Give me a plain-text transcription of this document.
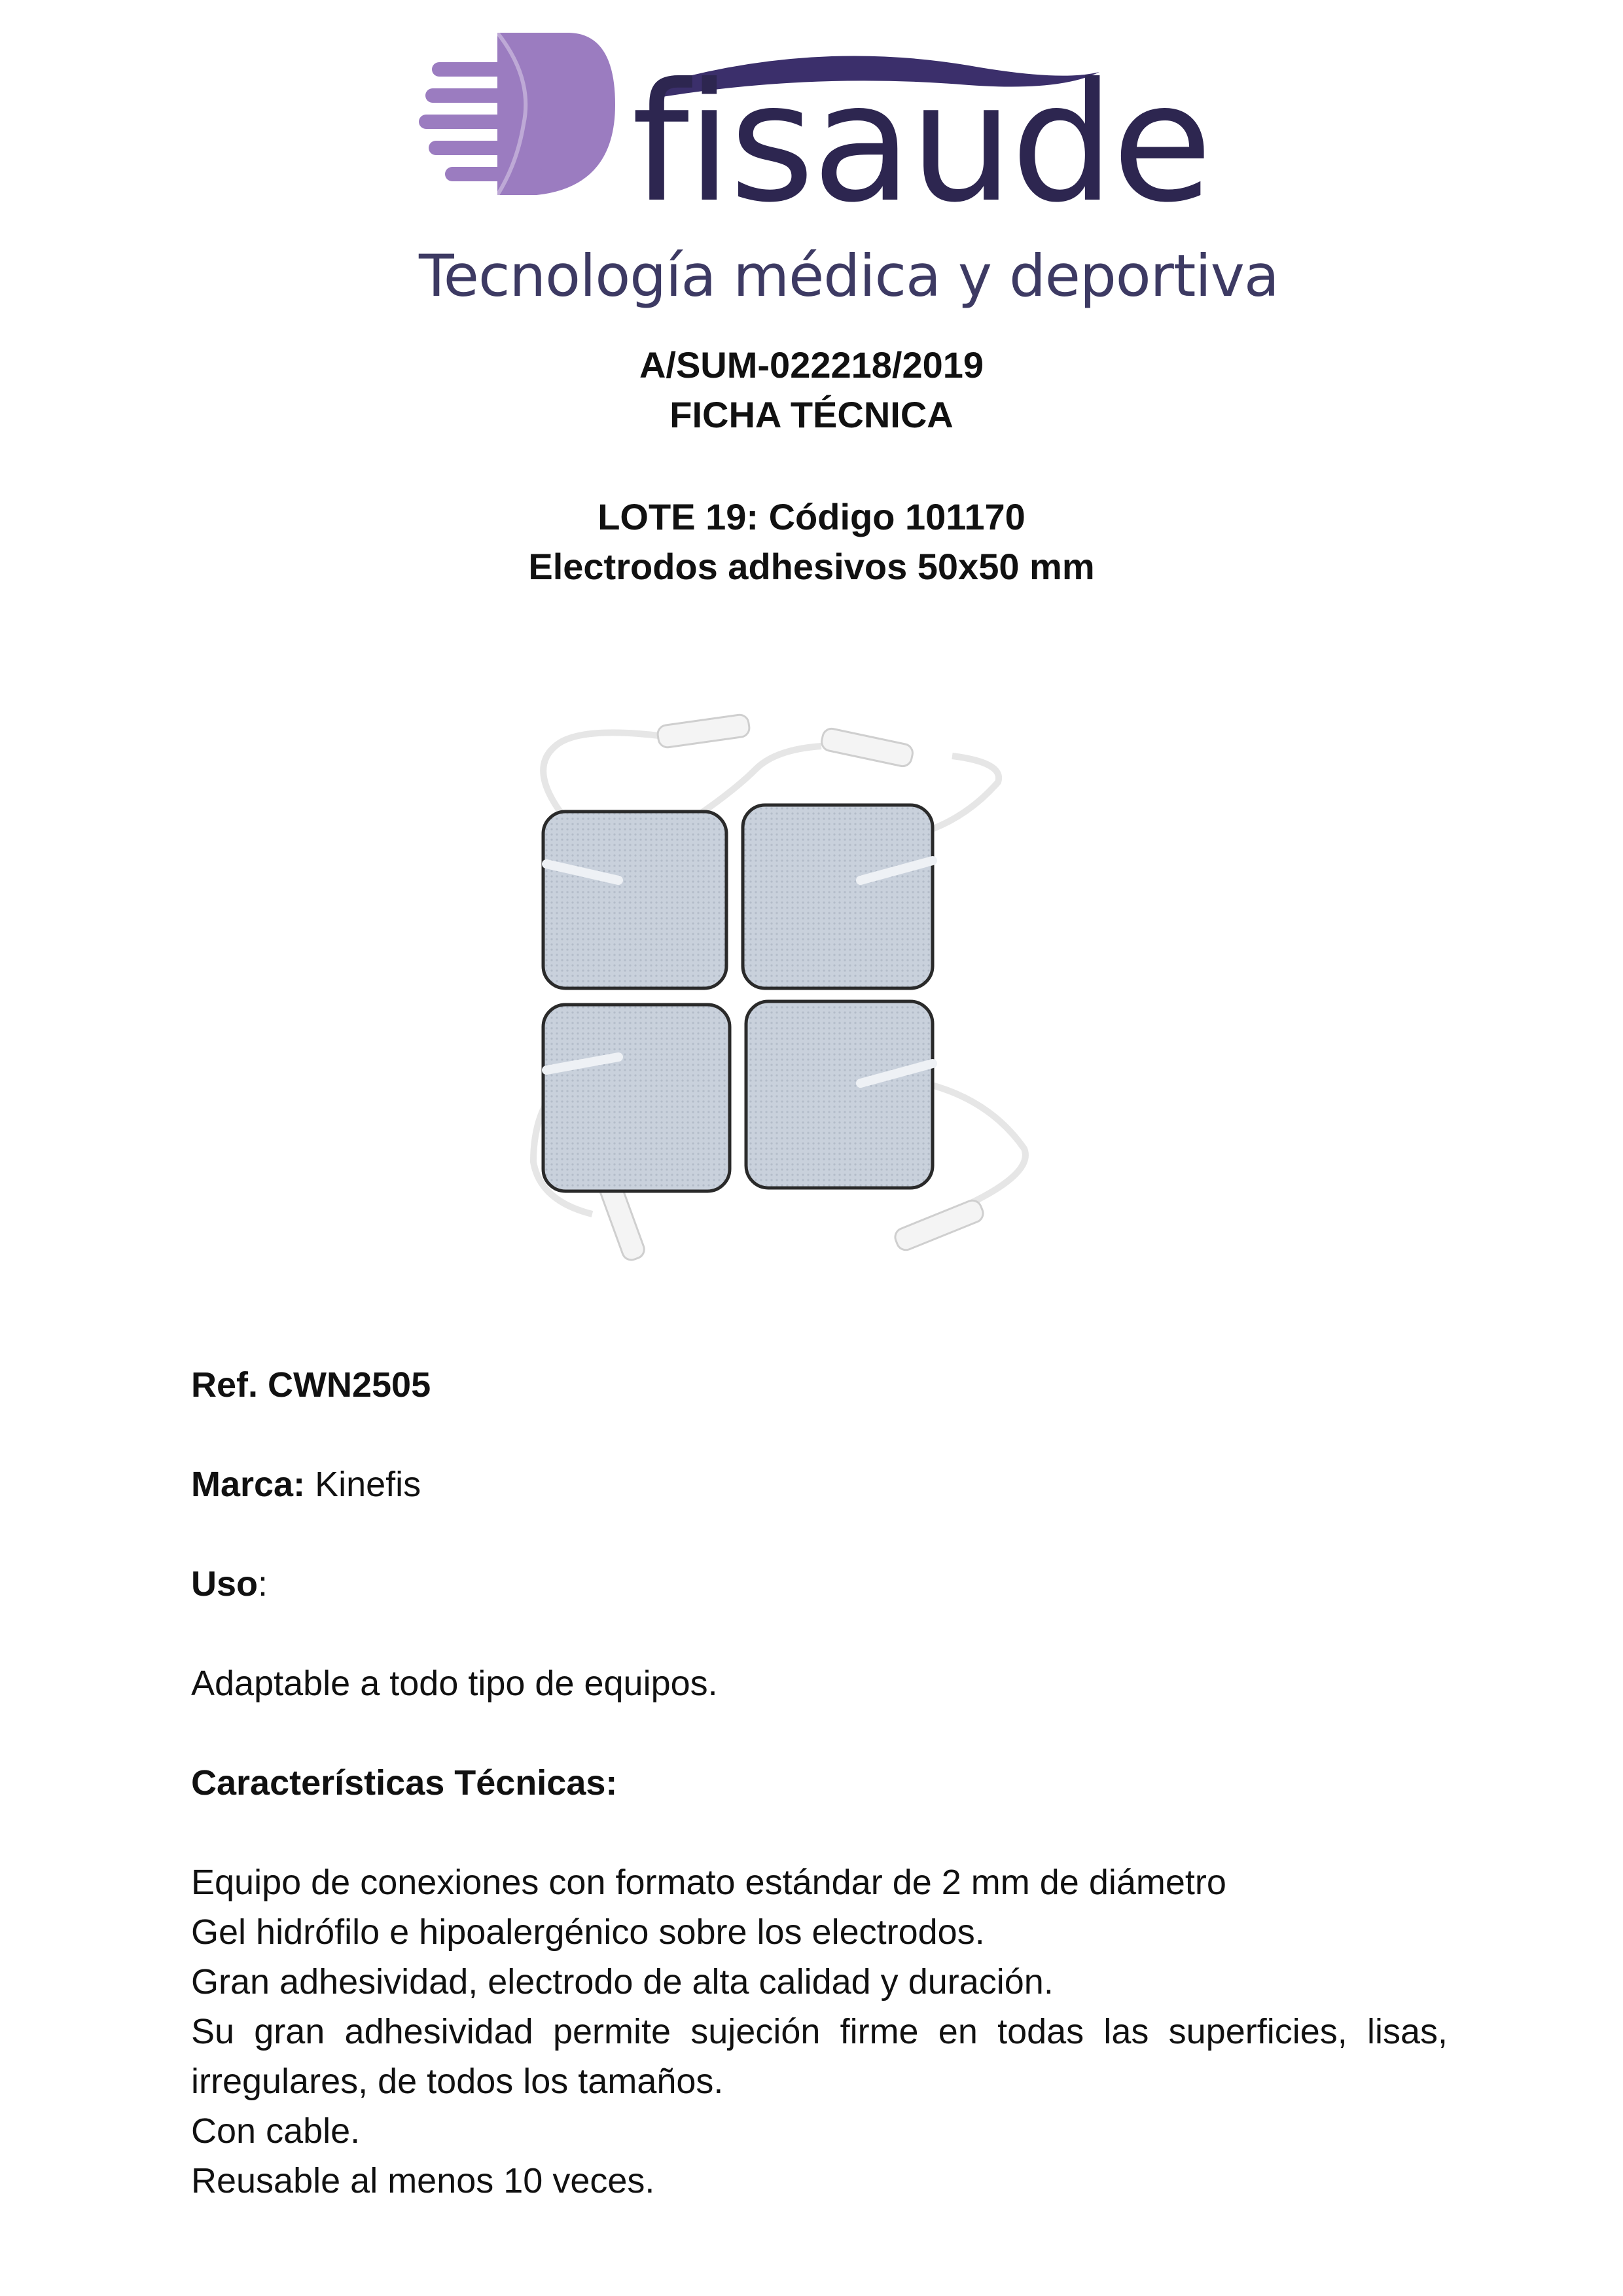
fisaude
Tecnología médica y deportiva
A/SUM-022218/2019
FICHA TÉCNICA
LOTE 19: Código 101170
Electrodos adhesivos 50x50 mm
Ref. CWN2505
Marca: Kinefis
Uso:
Adaptable a todo tipo de equipos.
Características Técnicas:

Equipo de conexiones con formato estándar de 2 mm de diámetro

Gel hidrófilo e hipoalergénico sobre los electrodos.

Gran adhesividad, electrodo de alta calidad y duración.

Su gran adhesividad permite sujeción firme en todas las superficies, lisas, irregulares, de todos los tamaños.

Con cable.

Reusable al menos 10 veces.
